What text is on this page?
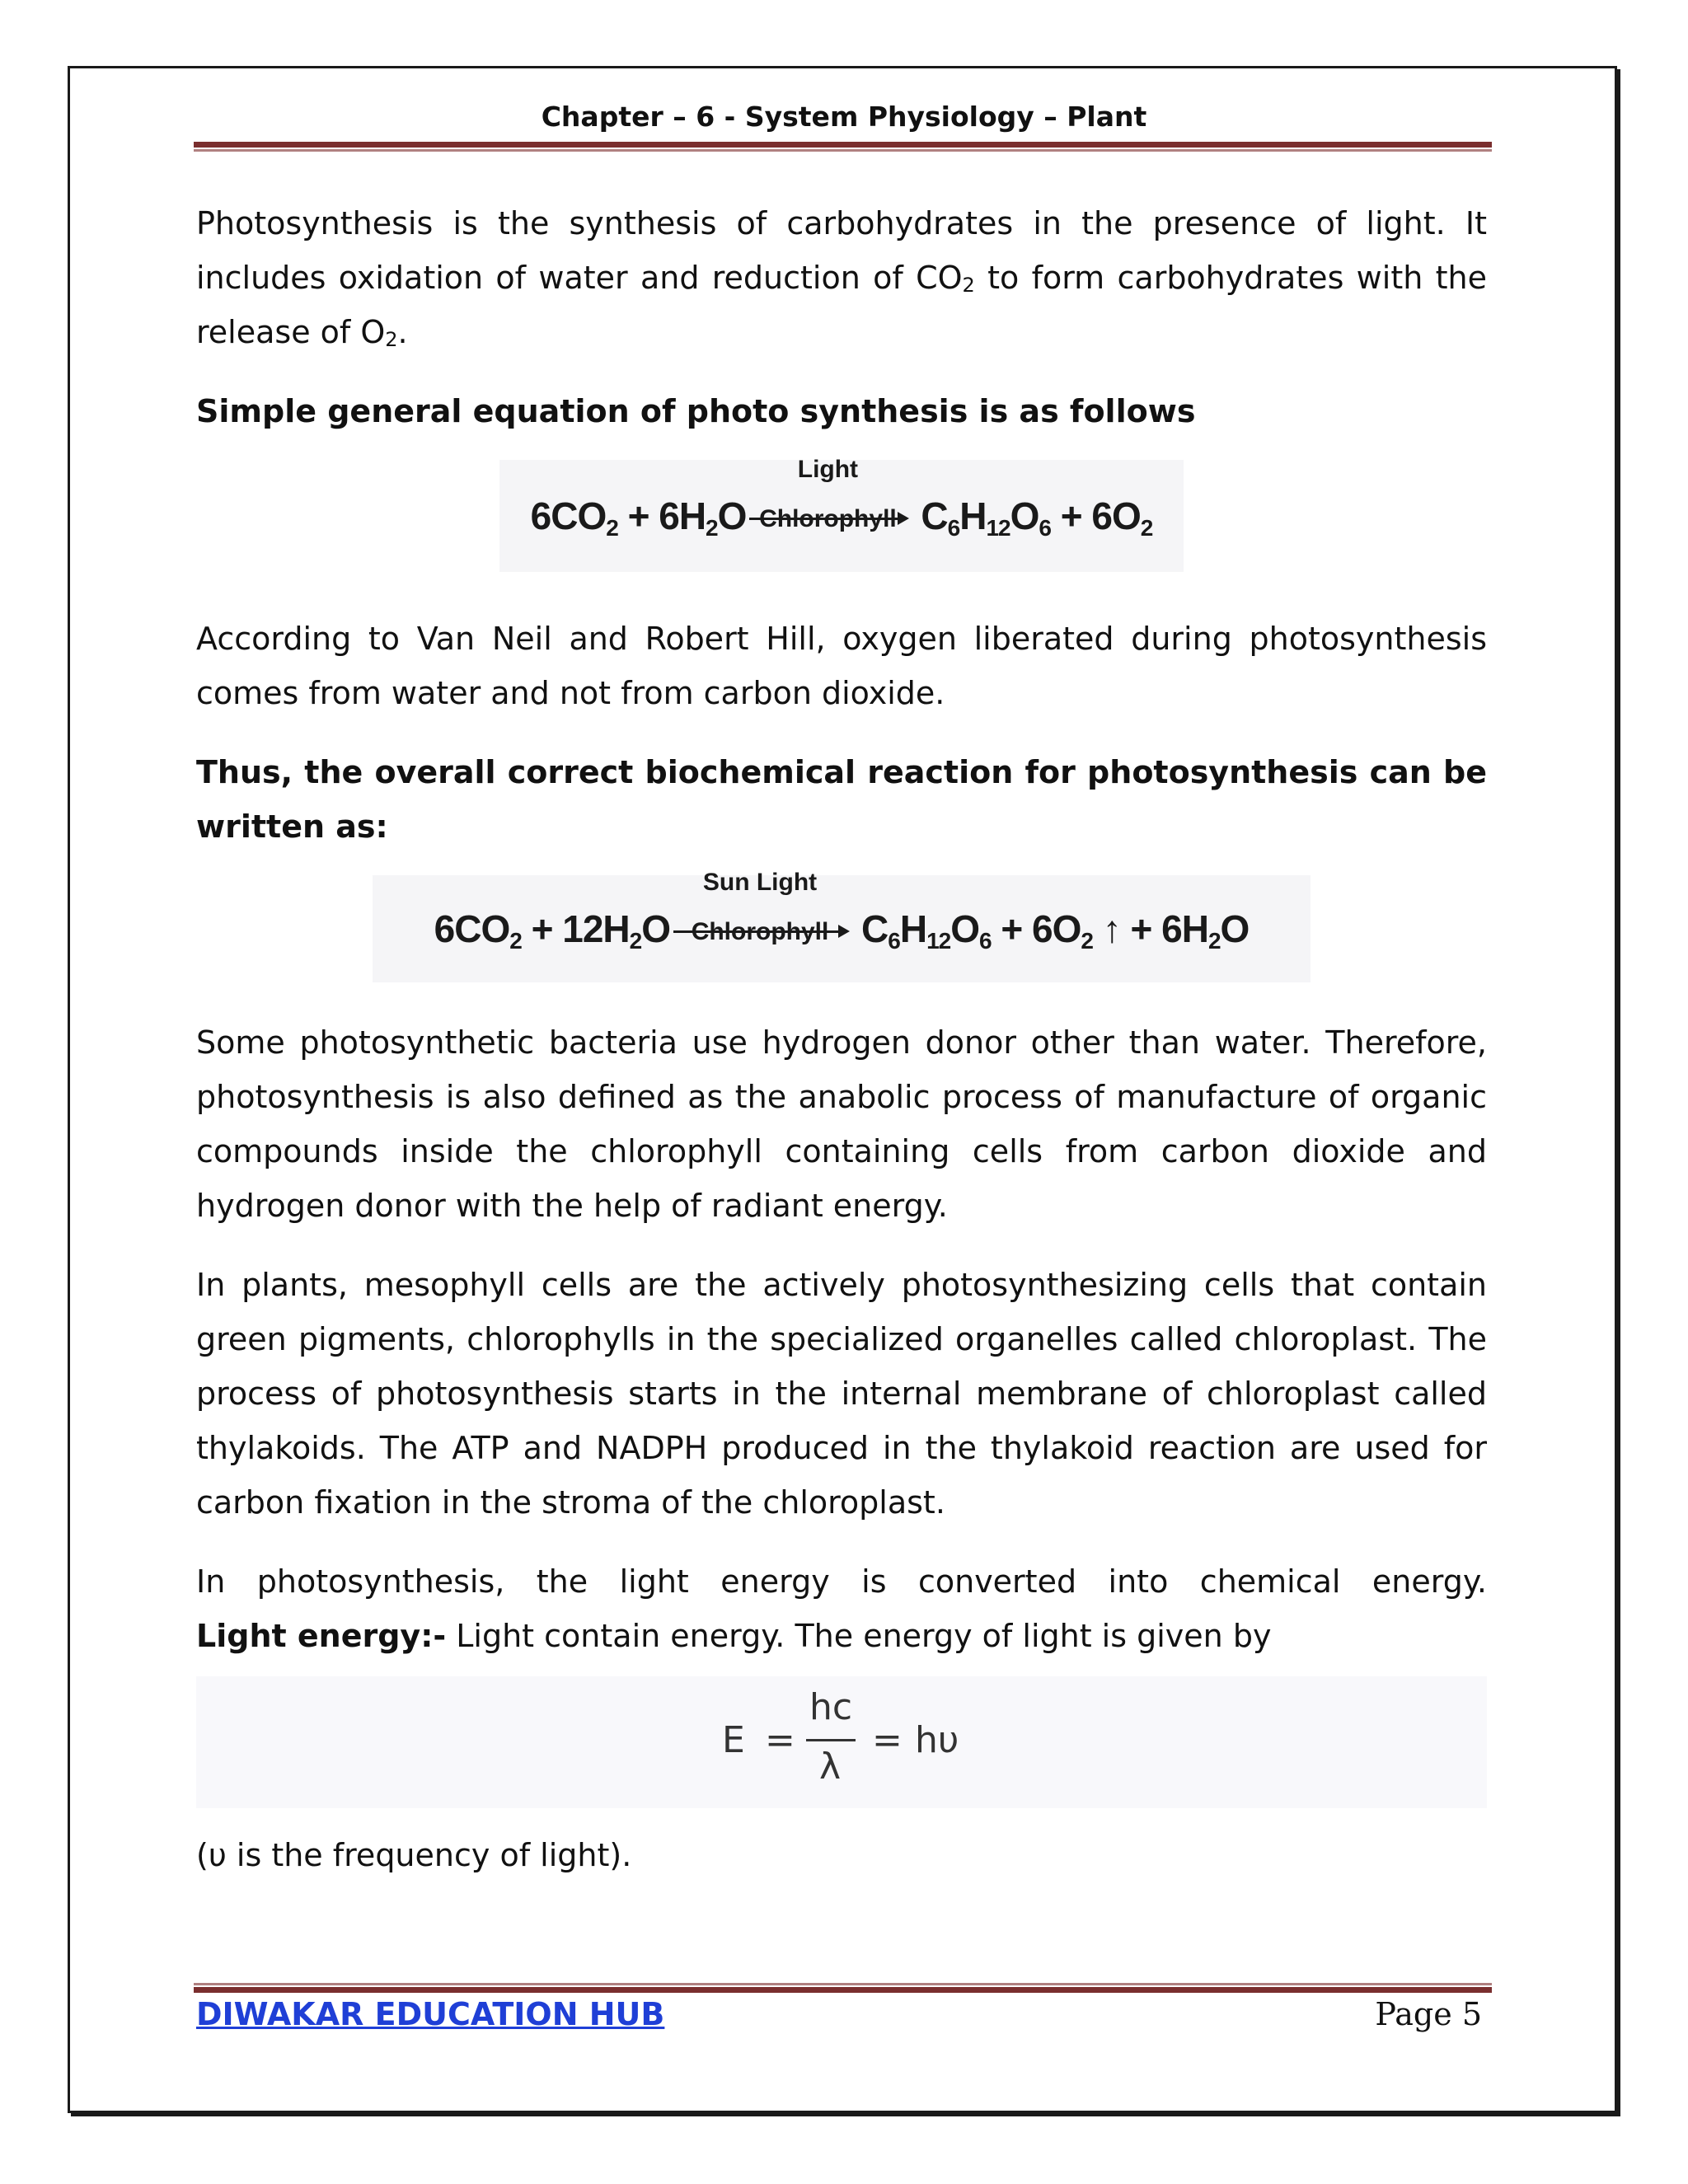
Chapter – 6 - System Physiology – Plant

Photosynthesis is the synthesis of carbohydrates in the presence of light. It includes oxidation of water and reduction of $CO_2$ to form carbohydrates with the release of $O_2$.

Simple general equation of photo synthesis is as follows

$6CO_2 + 6H_2O$
Light
Chlorophyll $C_6H_{12}O_6 + 6O_2$

According to Van Neil and Robert Hill, oxygen liberated during photosynthesis comes from water and not from carbon dioxide.

Thus, the overall correct biochemical reaction for photosynthesis can be written as:

$6CO_2 + 12H_2O$
Sun Light
Chlorophyll $C_6H_{12}O_6 + 6O_2$ ↑ + $6H_2O$

Some photosynthetic bacteria use hydrogen donor other than water. Therefore, photosynthesis is also defined as the anabolic process of manufacture of organic compounds inside the chlorophyll containing cells from carbon dioxide and hydrogen donor with the help of radiant energy.

In plants, mesophyll cells are the actively photosynthesizing cells that contain green pigments, chlorophylls in the specialized organelles called chloroplast. The process of photosynthesis starts in the internal membrane of chloroplast called thylakoids. The ATP and NADPH produced in the thylakoid reaction are used for carbon fixation in the stroma of the chloroplast.

In photosynthesis, the light energy is converted into chemical energy.
Light energy:- Light contain energy. The energy of light is given by

E =
hc
λ
= hυ

(υ is the frequency of light).

DIWAKAR EDUCATION HUB	Page 5
